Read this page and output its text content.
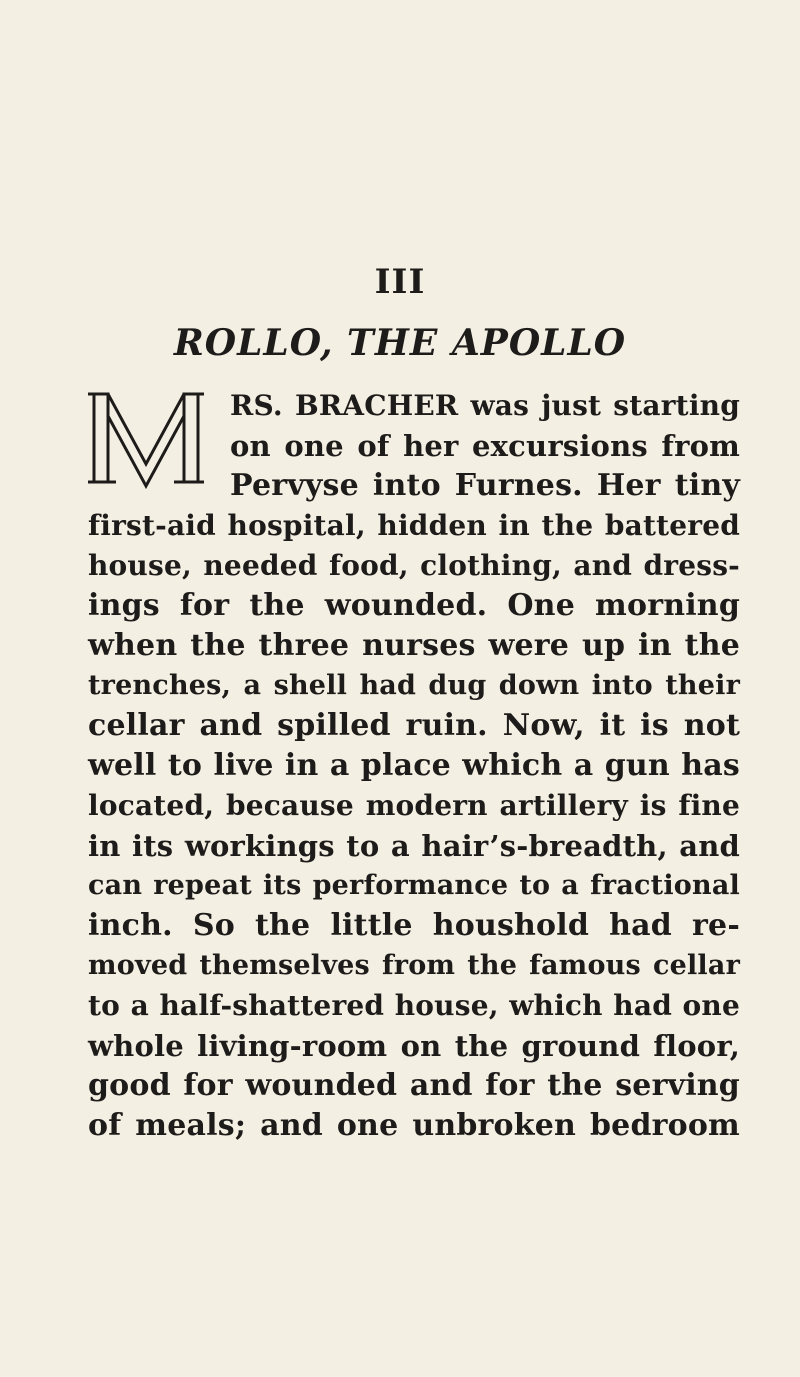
III
ROLLO, THE APOLLO
RS. BRACHER was just starting
on one of her excursions from
Pervyse into Furnes. Her tiny
first-aid hospital, hidden in the battered
house, needed food, clothing, and dress-
ings for the wounded. One morning
when the three nurses were up in the
trenches, a shell had dug down into their
cellar and spilled ruin. Now, it is not
well to live in a place which a gun has
located, because modern artillery is fine
in its workings to a hair’s-breadth, and
can repeat its performance to a fractional
inch. So the little houshold had re-
moved themselves from the famous cellar
to a half-shattered house, which had one
whole living-room on the ground floor,
good for wounded and for the serving
of meals; and one unbroken bedroom
